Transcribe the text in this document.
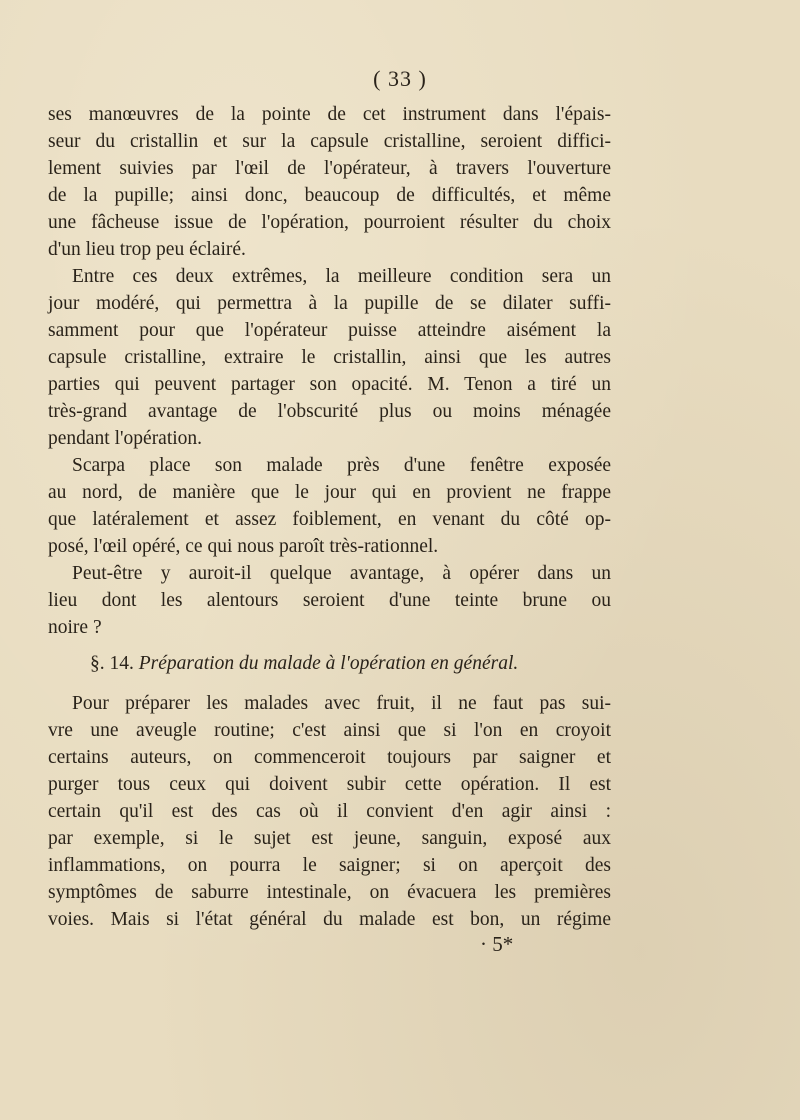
( 33 )
ses manœuvres de la pointe de cet instrument dans l'épais-
seur du cristallin et sur la capsule cristalline, seroient diffici-
lement suivies par l'œil de l'opérateur, à travers l'ouverture
de la pupille; ainsi donc, beaucoup de difficultés, et même
une fâcheuse issue de l'opération, pourroient résulter du choix
d'un lieu trop peu éclairé.
Entre ces deux extrêmes, la meilleure condition sera un
jour modéré, qui permettra à la pupille de se dilater suffi-
samment pour que l'opérateur puisse atteindre aisément la
capsule cristalline, extraire le cristallin, ainsi que les autres
parties qui peuvent partager son opacité. M. Tenon a tiré un
très-grand avantage de l'obscurité plus ou moins ménagée
pendant l'opération.
Scarpa place son malade près d'une fenêtre exposée
au nord, de manière que le jour qui en provient ne frappe
que latéralement et assez foiblement, en venant du côté op-
posé, l'œil opéré, ce qui nous paroît très-rationnel.
Peut-être y auroit-il quelque avantage, à opérer dans un
lieu dont les alentours seroient d'une teinte brune ou
noire ?
§. 14. Préparation du malade à l'opération en général.
Pour préparer les malades avec fruit, il ne faut pas sui-
vre une aveugle routine; c'est ainsi que si l'on en croyoit
certains auteurs, on commenceroit toujours par saigner et
purger tous ceux qui doivent subir cette opération. Il est
certain qu'il est des cas où il convient d'en agir ainsi :
par exemple, si le sujet est jeune, sanguin, exposé aux
inflammations, on pourra le saigner; si on aperçoit des
symptômes de saburre intestinale, on évacuera les premières
voies. Mais si l'état général du malade est bon, un régime
· 5*
